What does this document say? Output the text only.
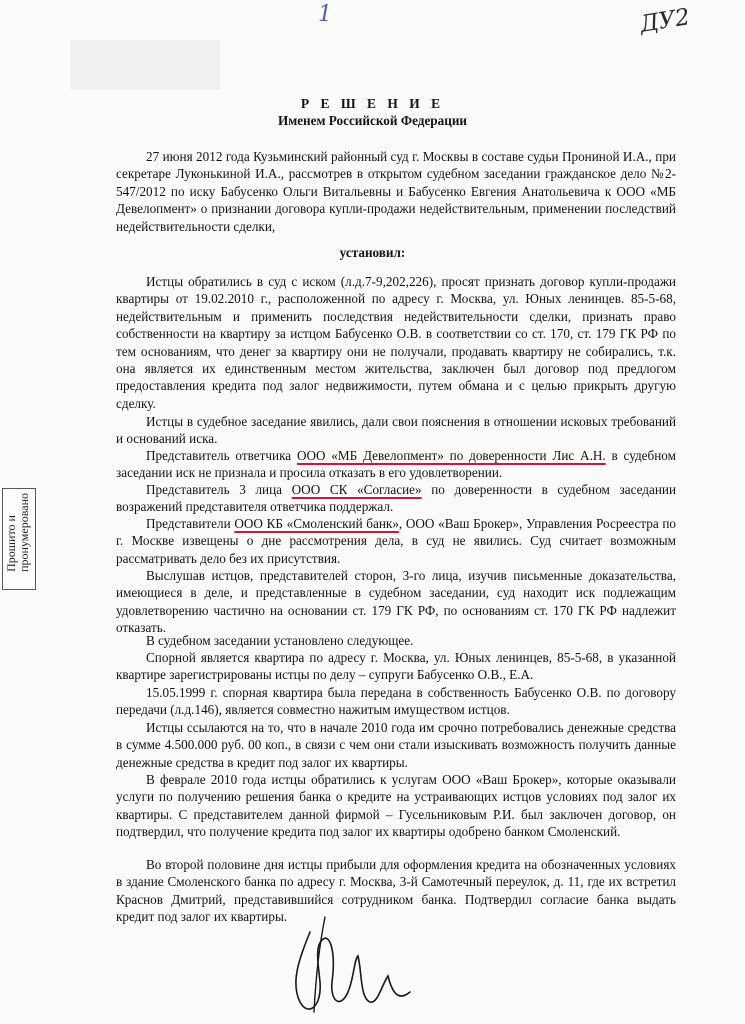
1	ДУ2
Прошито и
пронумеровано
Р Е Ш Е Н И Е
Именем Российской Федерации
27 июня 2012 года Кузьминский районный суд г. Москвы в составе судьи Прониной И.А., при секретаре Луконькиной И.А., рассмотрев в открытом судебном заседании гражданское дело №2-547/2012 по иску Бабусенко Ольги Витальевны и Бабусенко Евгения Анатольевича к ООО «МБ Девелопмент» о признании договора купли-продажи недействительным, применении последствий недействительности сделки,
установил:
Истцы обратились в суд с иском (л.д.7-9,202,226), просят признать договор купли-продажи квартиры от 19.02.2010 г., расположенной по адресу г. Москва, ул. Юных ленинцев. 85-5-68, недействительным и применить последствия недействительности сделки, признать право собственности на квартиру за истцом Бабусенко О.В. в соответствии со ст. 170, ст. 179 ГК РФ по тем основаниям, что денег за квартиру они не получали, продавать квартиру не собирались, т.к. она является их единственным местом жительства, заключен был договор под предлогом предоставления кредита под залог недвижимости, путем обмана и с целью прикрыть другую сделку.
Истцы в судебное заседание явились, дали свои пояснения в отношении исковых требований и оснований иска.
Представитель ответчика ООО «МБ Девелопмент» по доверенности Лис А.Н. в судебном заседании иск не признала и просила отказать в его удовлетворении.
Представитель 3 лица ООО СК «Согласие» по доверенности в судебном заседании возражений представителя ответчика поддержал.
Представители ООО КБ «Смоленский банк», ООО «Ваш Брокер», Управления Росреестра по г. Москве извещены о дне рассмотрения дела, в суд не явились. Суд считает возможным рассматривать дело без их присутствия.
Выслушав истцов, представителей сторон, 3-го лица, изучив письменные доказательства, имеющиеся в деле, и представленные в судебном заседании, суд находит иск подлежащим удовлетворению частично на основании ст. 179 ГК РФ, по основаниям ст. 170 ГК РФ надлежит отказать.
В судебном заседании установлено следующее.
Спорной является квартира по адресу г. Москва, ул. Юных ленинцев, 85-5-68, в указанной квартире зарегистрированы истцы по делу – супруги Бабусенко О.В., Е.А.
15.05.1999 г. спорная квартира была передана в собственность Бабусенко О.В. по договору передачи (л.д.146), является совместно нажитым имуществом истцов.
Истцы ссылаются на то, что в начале 2010 года им срочно потребовались денежные средства в сумме 4.500.000 руб. 00 коп., в связи с чем они стали изыскивать возможность получить данные денежные средства в кредит под залог их квартиры.
В феврале 2010 года истцы обратились к услугам ООО «Ваш Брокер», которые оказывали услуги по получению решения банка о кредите на устраивающих истцов условиях под залог их квартиры. С представителем данной фирмой – Гусельниковым Р.И. был заключен договор, он подтвердил, что получение кредита под залог их квартиры одобрено банком Смоленский.
Во второй половине дня истцы прибыли для оформления кредита на обозначенных условиях в здание Смоленского банка по адресу г. Москва, 3-й Самотечный переулок, д. 11, где их встретил Краснов Дмитрий, представившийся сотрудником банка. Подтвердил согласие банка выдать кредит под залог их квартиры.
